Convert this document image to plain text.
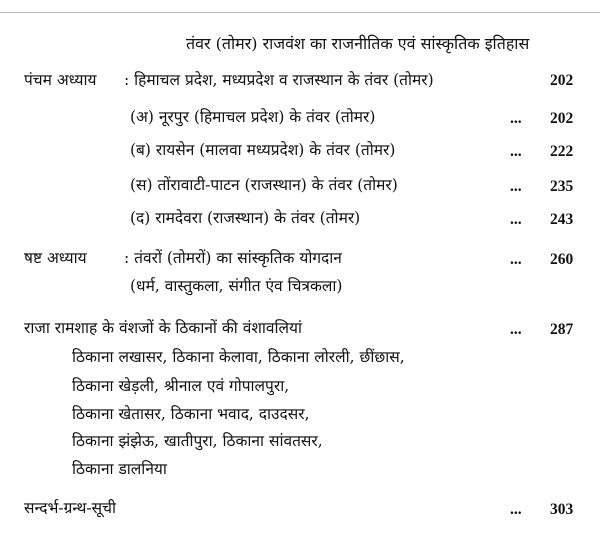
तंवर (तोमर) राजवंश का राजनीतिक एवं सांस्कृतिक इतिहास
पंचम अध्याय : हिमाचल प्रदेश, मध्यप्रदेश व राजस्थान के तंवर (तोमर)	202
(अ) नूरपुर (हिमाचल प्रदेश) के तंवर (तोमर)	... 202
(ब) रायसेन (मालवा मध्यप्रदेश) के तंवर (तोमर)	... 222
(स) तोंरावाटी-पाटन (राजस्थान) के तंवर (तोमर)	... 235
(द) रामदेवरा (राजस्थान) के तंवर (तोमर)	... 243
षष्ट अध्याय : तंवरों (तोमरों) का सांस्कृतिक योगदान	... 260
(धर्म, वास्तुकला, संगीत एंव चित्रकला)
राजा रामशाह के वंशजों के ठिकानों की वंशावलियां	... 287
ठिकाना लखासर, ठिकाना केलावा, ठिकाना लोरली, छींछास,
ठिकाना खेड़ली, श्रीनाल एवं गोपालपुरा,
ठिकाना खेतासर, ठिकाना भवाद, दाउदसर,
ठिकाना झंझेऊ, खातीपुरा, ठिकाना सांवतसर,
ठिकाना डालनिया
सन्दर्भ-ग्रन्थ-सूची	... 303
